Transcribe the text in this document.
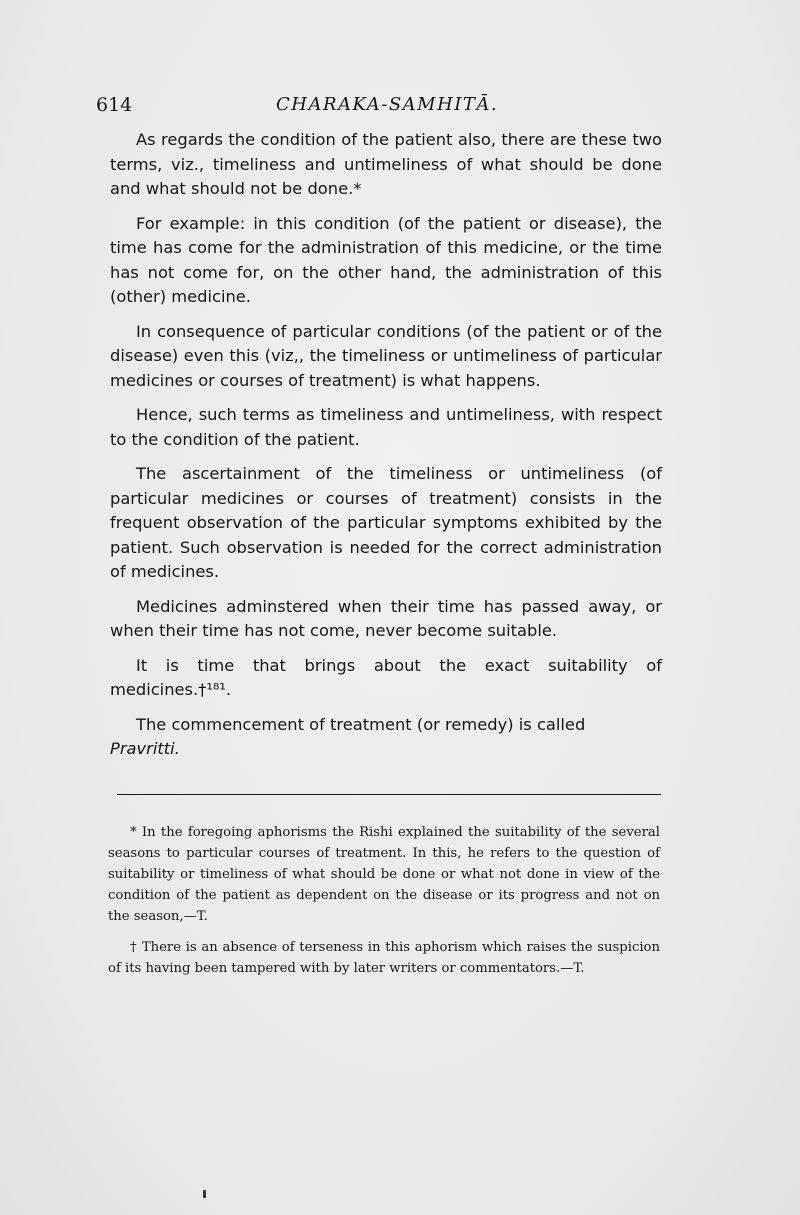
614	CHARAKA-SAMHITĀ.

As regards the condition of the patient also, there are these two terms, viz., timeliness and untimeliness of what should be done and what should not be done.*

For example: in this condition (of the patient or disease), the time has come for the administration of this medicine, or the time has not come for, on the other hand, the administration of this (other) medicine.

In consequence of particular conditions (of the patient or of the disease) even this (viz,, the timeliness or untimeliness of particular medicines or courses of treatment) is what happens.

Hence, such terms as timeliness and untimeliness, with respect to the condition of the patient.

The ascertainment of the timeliness or untimeliness (of particular medicines or courses of treatment) consists in the frequent observation of the particular symptoms exhibited by the patient. Such observation is needed for the correct administration of medicines.

Medicines adminstered when their time has passed away, or when their time has not come, never become suitable.

It is time that brings about the exact suitability of medicines.†¹⁸¹.

The commencement of treatment (or remedy) is called

Pravritti.

* In the foregoing aphorisms the Rishi explained the suitability of the several seasons to particular courses of treatment. In this, he refers to the question of suitability or timeliness of what should be done or what not done in view of the condition of the patient as dependent on the disease or its progress and not on the season,—T.

† There is an absence of terseness in this aphorism which raises the suspicion of its having been tampered with by later writers or commentators.—T.
